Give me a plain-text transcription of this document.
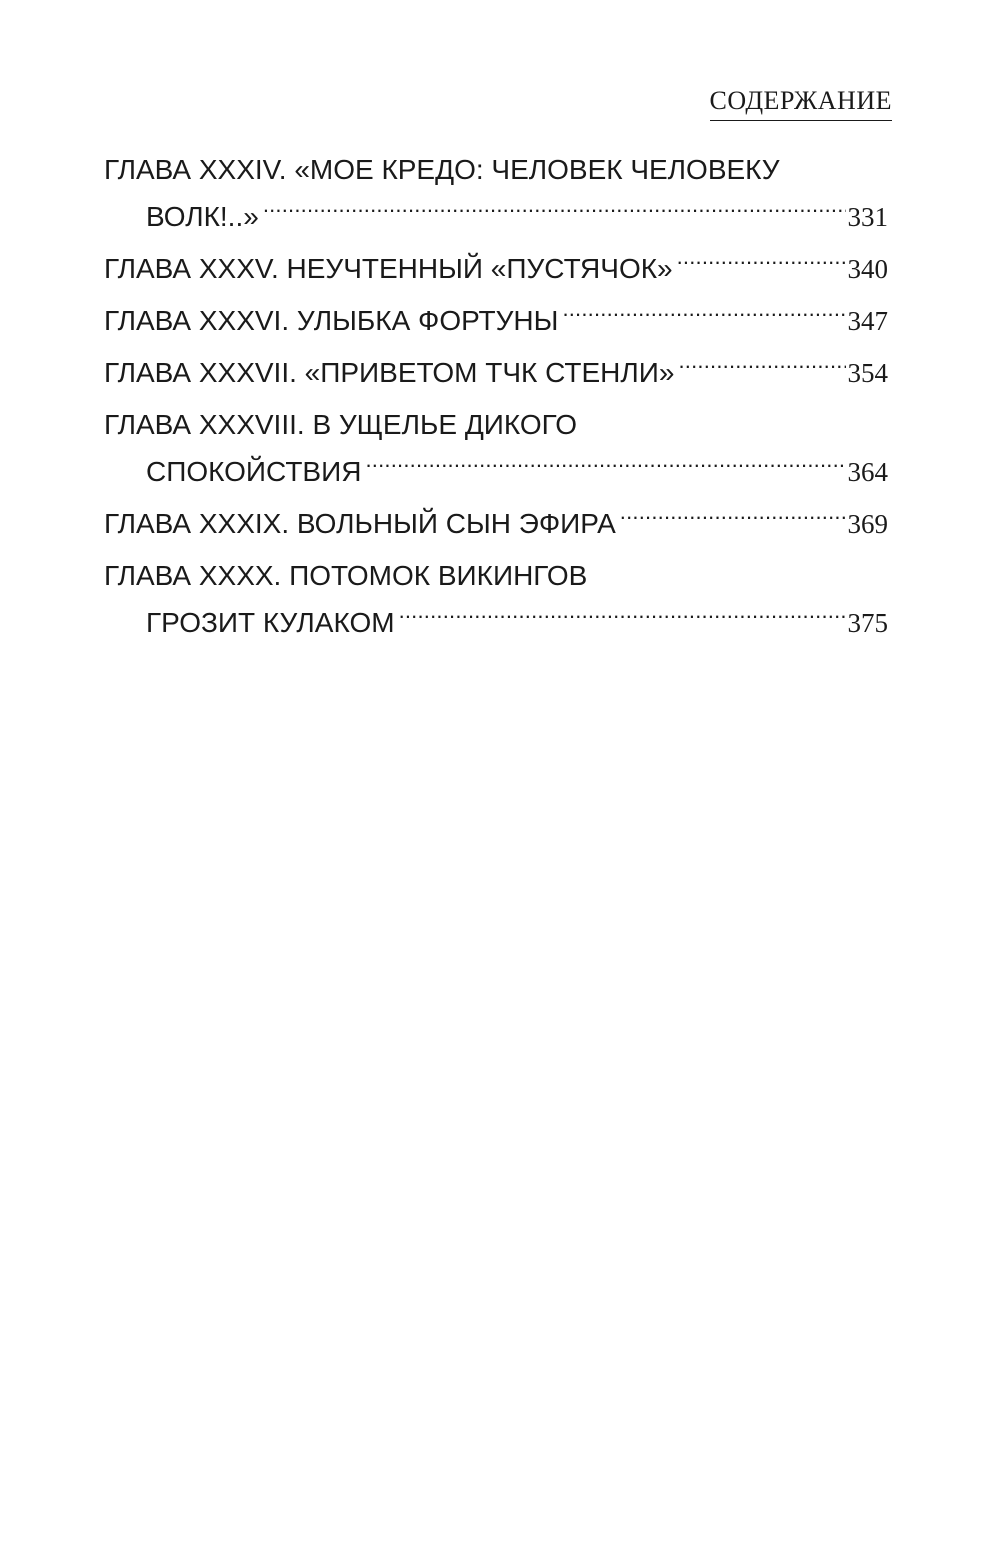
СОДЕРЖАНИЕ
ГЛАВА XXXIV. «МОЕ КРЕДО: ЧЕЛОВЕК ЧЕЛОВЕКУ
ВОЛК!..» .....	331
ГЛАВА XXXV. НЕУЧТЕННЫЙ «ПУСТЯЧОК» .....	340
ГЛАВА XXXVI. УЛЫБКА ФОРТУНЫ .....	347
ГЛАВА XXXVII. «ПРИВЕТОМ ТЧК СТЕНЛИ» .....	354
ГЛАВА XXXVIII. В УЩЕЛЬЕ ДИКОГО
СПОКОЙСТВИЯ .....	364
ГЛАВА XXXIX. ВОЛЬНЫЙ СЫН ЭФИРА .....	369
ГЛАВА XXXX. ПОТОМОК ВИКИНГОВ
ГРОЗИТ КУЛАКОМ .....	375
